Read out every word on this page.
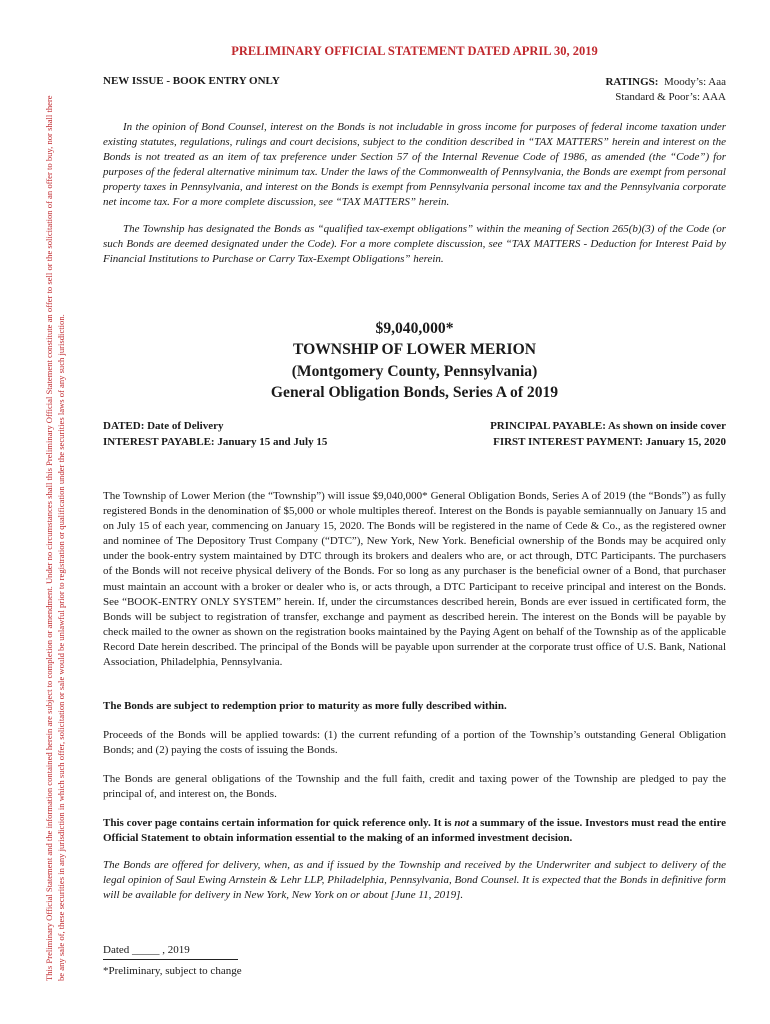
This Preliminary Official Statement and the information contained herein are subject to completion or amendment. Under no circumstances shall this Preliminary Official Statement constitute an offer to sell or the solicitation of an offer to buy, nor shall there be any sale of, these securities in any jurisdiction in which such offer, solicitation or sale would be unlawful prior to registration or qualification under the securities laws of any such jurisdiction.
PRELIMINARY OFFICIAL STATEMENT DATED APRIL 30, 2019
NEW ISSUE - BOOK ENTRY ONLY	RATINGS: Moody’s: Aaa
Standard & Poor’s: AAA
In the opinion of Bond Counsel, interest on the Bonds is not includable in gross income for purposes of federal income taxation under existing statutes, regulations, rulings and court decisions, subject to the condition described in “TAX MATTERS” herein and interest on the Bonds is not treated as an item of tax preference under Section 57 of the Internal Revenue Code of 1986, as amended (the “Code”) for purposes of the federal alternative minimum tax. Under the laws of the Commonwealth of Pennsylvania, the Bonds are exempt from personal property taxes in Pennsylvania, and interest on the Bonds is exempt from Pennsylvania personal income tax and the Pennsylvania corporate net income tax. For a more complete discussion, see “TAX MATTERS” herein.
The Township has designated the Bonds as “qualified tax-exempt obligations” within the meaning of Section 265(b)(3) of the Code (or such Bonds are deemed designated under the Code). For a more complete discussion, see “TAX MATTERS - Deduction for Interest Paid by Financial Institutions to Purchase or Carry Tax-Exempt Obligations” herein.
$9,040,000*
TOWNSHIP OF LOWER MERION
(Montgomery County, Pennsylvania)
General Obligation Bonds, Series A of 2019
DATED: Date of Delivery
INTEREST PAYABLE: January 15 and July 15
PRINCIPAL PAYABLE: As shown on inside cover
FIRST INTEREST PAYMENT: January 15, 2020
The Township of Lower Merion (the “Township”) will issue $9,040,000* General Obligation Bonds, Series A of 2019 (the “Bonds”) as fully registered Bonds in the denomination of $5,000 or whole multiples thereof. Interest on the Bonds is payable semiannually on January 15 and on July 15 of each year, commencing on January 15, 2020. The Bonds will be registered in the name of Cede & Co., as the registered owner and nominee of The Depository Trust Company (“DTC”), New York, New York. Beneficial ownership of the Bonds may be acquired only under the book-entry system maintained by DTC through its brokers and dealers who are, or act through, DTC Participants. The purchasers of the Bonds will not receive physical delivery of the Bonds. For so long as any purchaser is the beneficial owner of a Bond, that purchaser must maintain an account with a broker or dealer who is, or acts through, a DTC Participant to receive principal and interest on the Bonds. See “BOOK-ENTRY ONLY SYSTEM” herein. If, under the circumstances described herein, Bonds are ever issued in certificated form, the Bonds will be subject to registration of transfer, exchange and payment as described herein. The interest on the Bonds will be payable by check mailed to the owner as shown on the registration books maintained by the Paying Agent on behalf of the Township as of the applicable Record Date herein described. The principal of the Bonds will be payable upon surrender at the corporate trust office of U.S. Bank, National Association, Philadelphia, Pennsylvania.
The Bonds are subject to redemption prior to maturity as more fully described within.
Proceeds of the Bonds will be applied towards: (1) the current refunding of a portion of the Township’s outstanding General Obligation Bonds; and (2) paying the costs of issuing the Bonds.
The Bonds are general obligations of the Township and the full faith, credit and taxing power of the Township are pledged to pay the principal of, and interest on, the Bonds.
This cover page contains certain information for quick reference only. It is not a summary of the issue. Investors must read the entire Official Statement to obtain information essential to the making of an informed investment decision.
The Bonds are offered for delivery, when, as and if issued by the Township and received by the Underwriter and subject to delivery of the legal opinion of Saul Ewing Arnstein & Lehr LLP, Philadelphia, Pennsylvania, Bond Counsel. It is expected that the Bonds in definitive form will be available for delivery in New York, New York on or about [June 11, 2019].
Dated _____ , 2019
*Preliminary, subject to change
